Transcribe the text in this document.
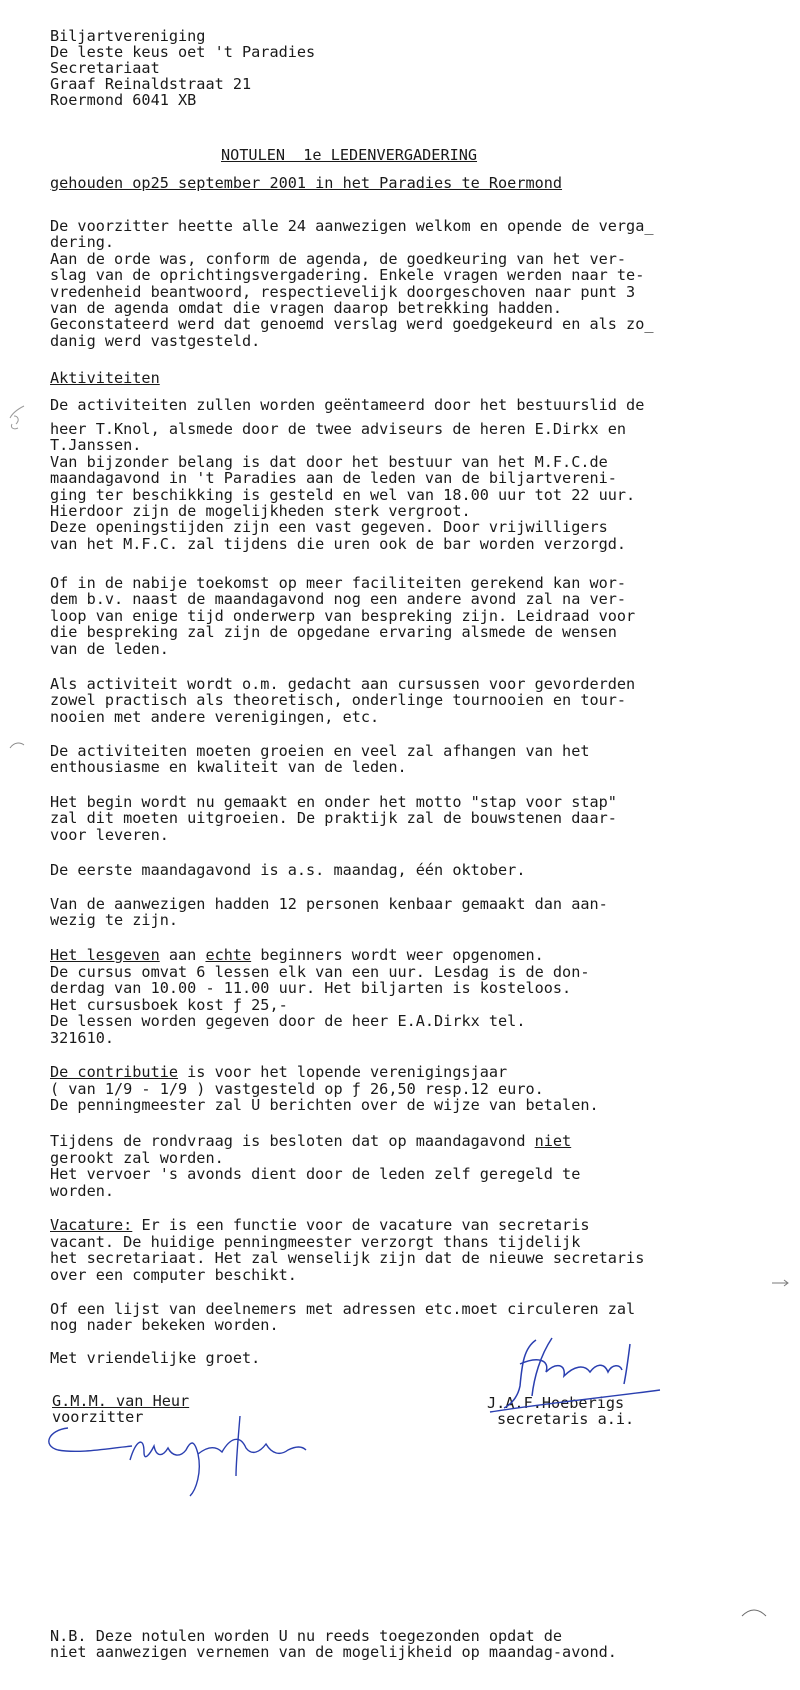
Biljartvereniging
De leste keus oet 't Paradies
Secretariaat
Graaf Reinaldstraat 21
Roermond 6041 XB
NOTULEN  1e LEDENVERGADERING
gehouden op25 september 2001 in het Paradies te Roermond
De voorzitter heette alle 24 aanwezigen welkom en opende de verga_
dering.
Aan de orde was, conform de agenda, de goedkeuring van het ver-
slag van de oprichtingsvergadering. Enkele vragen werden naar te-
vredenheid beantwoord, respectievelijk doorgeschoven naar punt 3
van de agenda omdat die vragen daarop betrekking hadden.
Geconstateerd werd dat genoemd verslag werd goedgekeurd en als zo_
danig werd vastgesteld.
Aktiviteiten
De activiteiten zullen worden geëntameerd door het bestuurslid de
heer T.Knol, alsmede door de twee adviseurs de heren E.Dirkx en
T.Janssen.
Van bijzonder belang is dat door het bestuur van het M.F.C.de
maandagavond in 't Paradies aan de leden van de biljartvereni-
ging ter beschikking is gesteld en wel van 18.00 uur tot 22 uur.
Hierdoor zijn de mogelijkheden sterk vergroot.
Deze openingstijden zijn een vast gegeven. Door vrijwilligers
van het M.F.C. zal tijdens die uren ook de bar worden verzorgd.
Of in de nabije toekomst op meer faciliteiten gerekend kan wor-
dem b.v. naast de maandagavond nog een andere avond zal na ver-
loop van enige tijd onderwerp van bespreking zijn. Leidraad voor
die bespreking zal zijn de opgedane ervaring alsmede de wensen
van de leden.
Als activiteit wordt o.m. gedacht aan cursussen voor gevorderden
zowel practisch als theoretisch, onderlinge tournooien en tour-
nooien met andere verenigingen, etc.
De activiteiten moeten groeien en veel zal afhangen van het
enthousiasme en kwaliteit van de leden.
Het begin wordt nu gemaakt en onder het motto "stap voor stap"
zal dit moeten uitgroeien. De praktijk zal de bouwstenen daar-
voor leveren.
De eerste maandagavond is a.s. maandag, één oktober.
Van de aanwezigen hadden 12 personen kenbaar gemaakt dan aan-
wezig te zijn.
Het lesgeven aan echte beginners wordt weer opgenomen.
De cursus omvat 6 lessen elk van een uur. Lesdag is de don-
derdag van 10.00 - 11.00 uur. Het biljarten is kosteloos.
Het cursusboek kost ƒ 25,-
De lessen worden gegeven door de heer E.A.Dirkx tel.
321610.
De contributie is voor het lopende verenigingsjaar
( van 1/9 - 1/9 ) vastgesteld op ƒ 26,50 resp.12 euro.
De penningmeester zal U berichten over de wijze van betalen.
Tijdens de rondvraag is besloten dat op maandagavond niet
gerookt zal worden.
Het vervoer 's avonds dient door de leden zelf geregeld te
worden.
Vacature: Er is een functie voor de vacature van secretaris
vacant. De huidige penningmeester verzorgt thans tijdelijk
het secretariaat. Het zal wenselijk zijn dat de nieuwe secretaris
over een computer beschikt.
Of een lijst van deelnemers met adressen etc.moet circuleren zal
nog nader bekeken worden.
Met vriendelijke groet.
G.M.M. van Heur
voorzitter
J.A.F.Hoeberigs
secretaris a.i.
N.B. Deze notulen worden U nu reeds toegezonden opdat de
niet aanwezigen vernemen van de mogelijkheid op maandag-avond.
